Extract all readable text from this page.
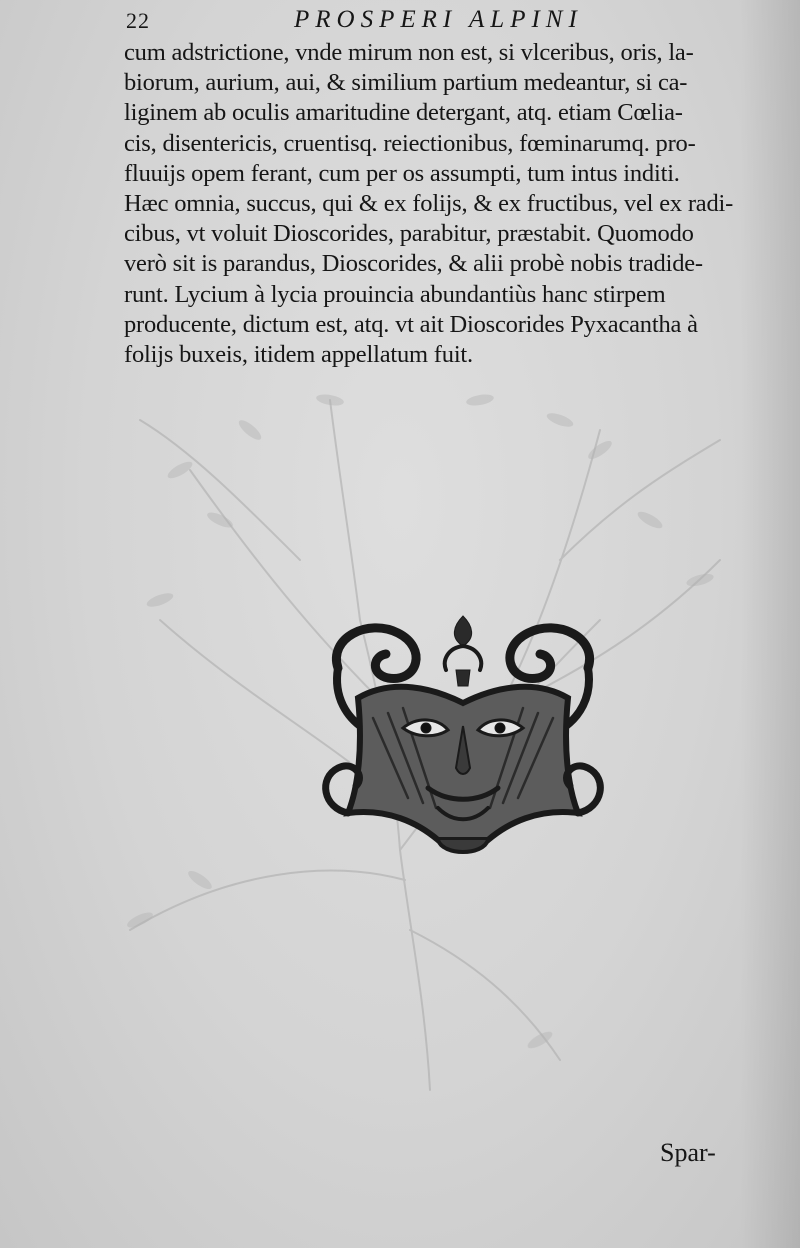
22	PROSPERI ALPINI
cum adstrictione, vnde mirum non est, si vlceribus, oris, la-
biorum, aurium, aui, & similium partium medeantur, si ca-
liginem ab oculis amaritudine detergant, atq. etiam Cœlia-
cis, disentericis, cruentisq. reiectionibus, fœminarumq. pro-
fluuijs opem ferant, cum per os assumpti, tum intus inditi.
Hæc omnia, succus, qui & ex folijs, & ex fructibus, vel ex radi-
cibus, vt voluit Dioscorides, parabitur, præstabit. Quomodo
verò sit is parandus, Dioscorides, & alii probè nobis tradide-
runt. Lycium à lycia prouincia abundantiùs hanc stirpem
producente, dictum est, atq. vt ait Dioscorides Pyxacantha à
folijs buxeis, itidem appellatum fuit.
Spar-
